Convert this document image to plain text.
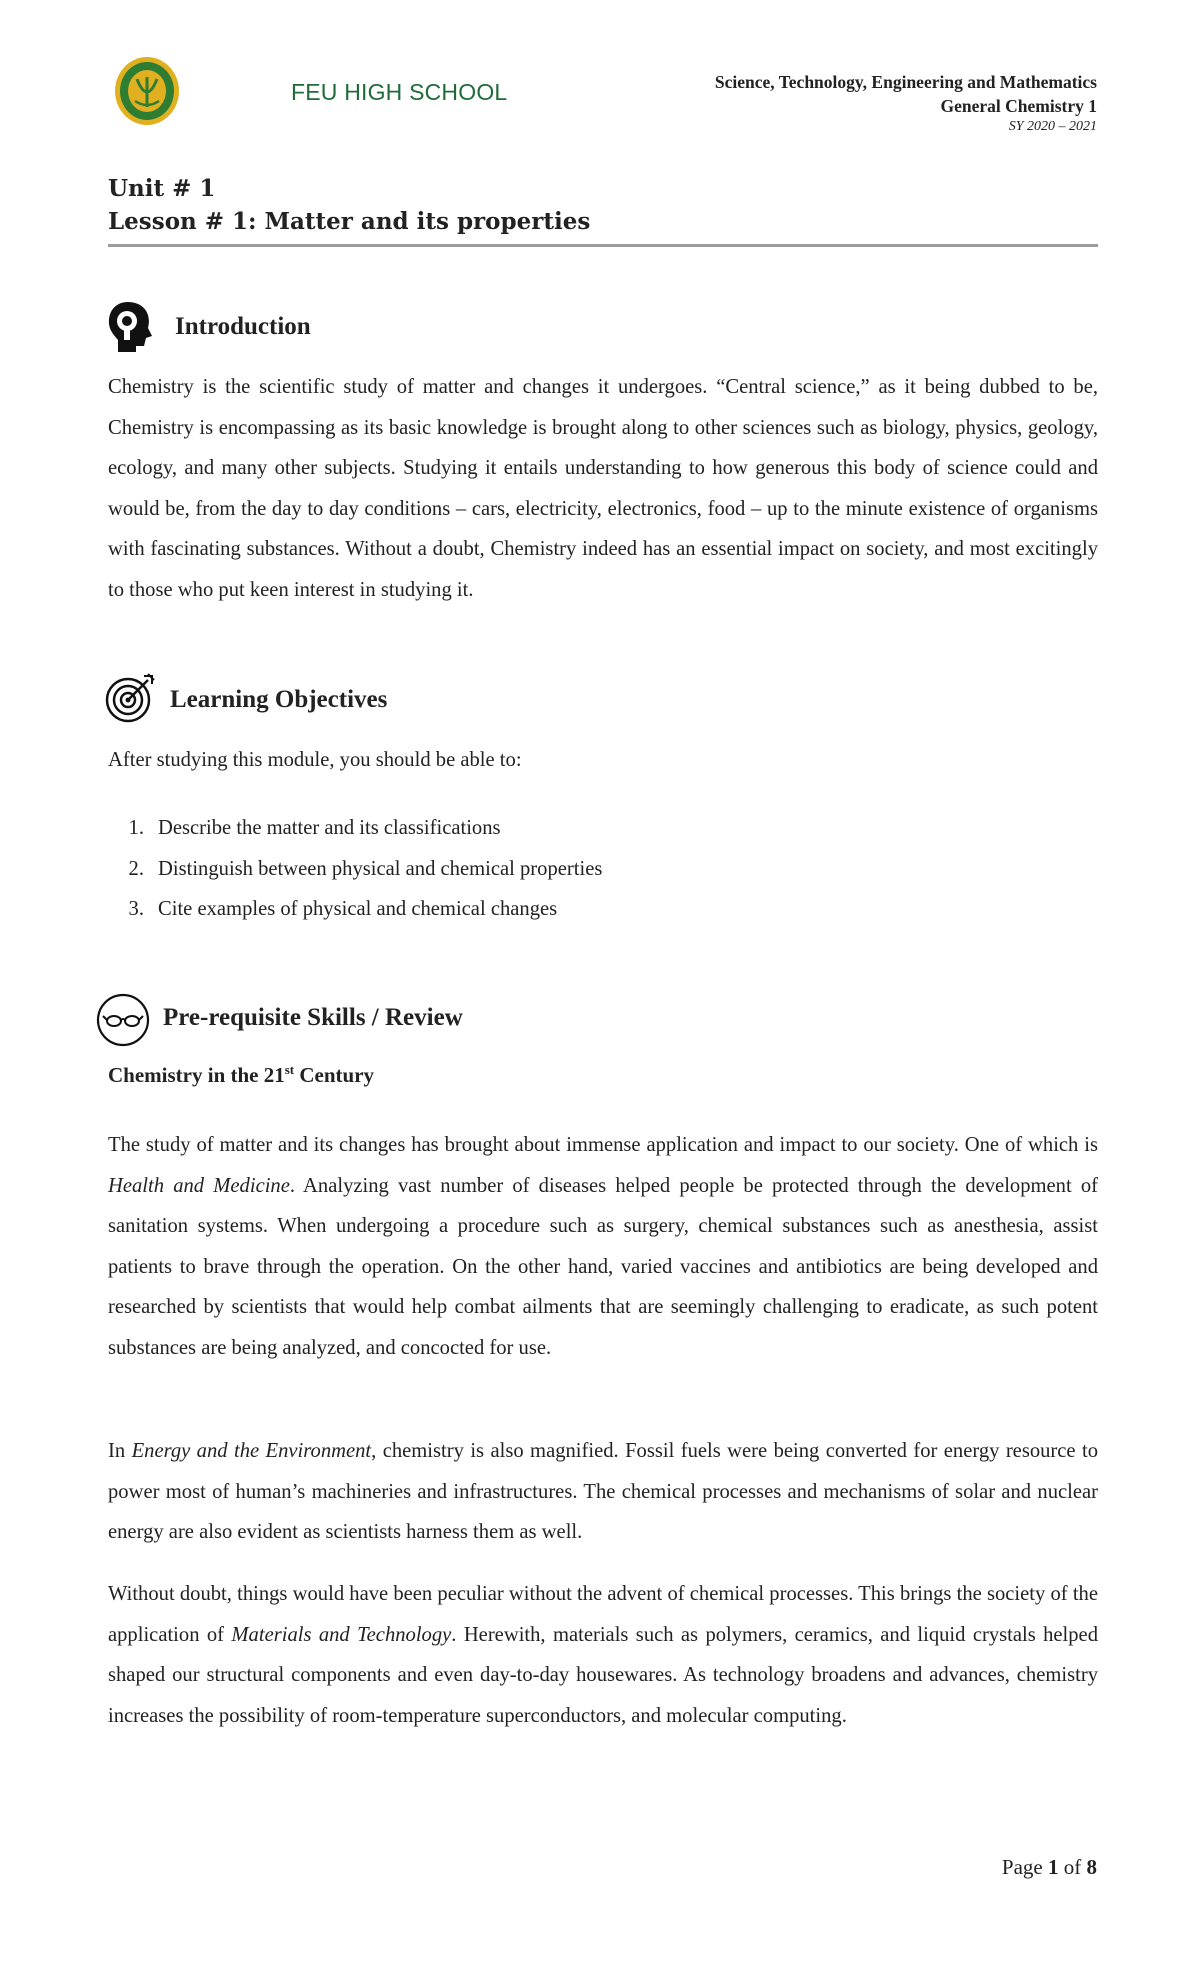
FEU HIGH SCHOOL	Science, Technology, Engineering and Mathematics
General Chemistry 1
SY 2020 – 2021
Unit # 1
Lesson # 1: Matter and its properties
Introduction

Chemistry is the scientific study of matter and changes it undergoes. “Central science,” as it being dubbed to be, Chemistry is encompassing as its basic knowledge is brought along to other sciences such as biology, physics, geology, ecology, and many other subjects. Studying it entails understanding to how generous this body of science could and would be, from the day to day conditions – cars, electricity, electronics, food – up to the minute existence of organisms with fascinating substances. Without a doubt, Chemistry indeed has an essential impact on society, and most excitingly to those who put keen interest in studying it.

Learning Objectives

After studying this module, you should be able to:

1. Describe the matter and its classifications
2. Distinguish between physical and chemical properties
3. Cite examples of physical and chemical changes
Pre-requisite Skills / Review
Chemistry in the 21st Century

The study of matter and its changes has brought about immense application and impact to our society. One of which is Health and Medicine. Analyzing vast number of diseases helped people be protected through the development of sanitation systems. When undergoing a procedure such as surgery, chemical substances such as anesthesia, assist patients to brave through the operation. On the other hand, varied vaccines and antibiotics are being developed and researched by scientists that would help combat ailments that are seemingly challenging to eradicate, as such potent substances are being analyzed, and concocted for use.

In Energy and the Environment, chemistry is also magnified. Fossil fuels were being converted for energy resource to power most of human’s machineries and infrastructures. The chemical processes and mechanisms of solar and nuclear energy are also evident as scientists harness them as well.

Without doubt, things would have been peculiar without the advent of chemical processes. This brings the society of the application of Materials and Technology. Herewith, materials such as polymers, ceramics, and liquid crystals helped shaped our structural components and even day-to-day housewares. As technology broadens and advances, chemistry increases the possibility of room-temperature superconductors, and molecular computing.

Page 1 of 8
